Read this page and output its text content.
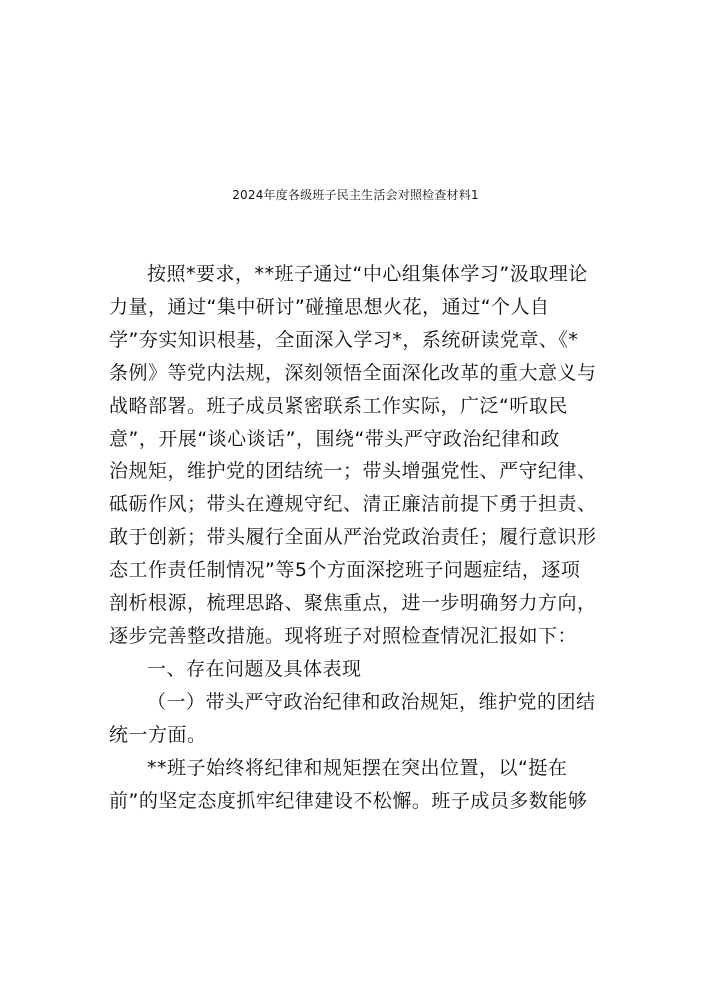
2024年度各级班子民主生活会对照检查材料1
按照*要求，**班子通过“中心组集体学习”汲取理论
力量，通过“集中研讨”碰撞思想火花，通过“个人自
学”夯实知识根基，全面深入学习*，系统研读党章、《*
条例》等党内法规，深刻领悟全面深化改革的重大意义与
战略部署。班子成员紧密联系工作实际，广泛“听取民
意”，开展“谈心谈话”，围绕“带头严守政治纪律和政
治规矩，维护党的团结统一；带头增强党性、严守纪律、
砥砺作风；带头在遵规守纪、清正廉洁前提下勇于担责、
敢于创新；带头履行全面从严治党政治责任；履行意识形
态工作责任制情况”等5个方面深挖班子问题症结，逐项
剖析根源，梳理思路、聚焦重点，进一步明确努力方向，
逐步完善整改措施。现将班子对照检查情况汇报如下：
一、存在问题及具体表现
（一）带头严守政治纪律和政治规矩，维护党的团结
统一方面。
**班子始终将纪律和规矩摆在突出位置，以“挺在
前”的坚定态度抓牢纪律建设不松懈。班子成员多数能够
